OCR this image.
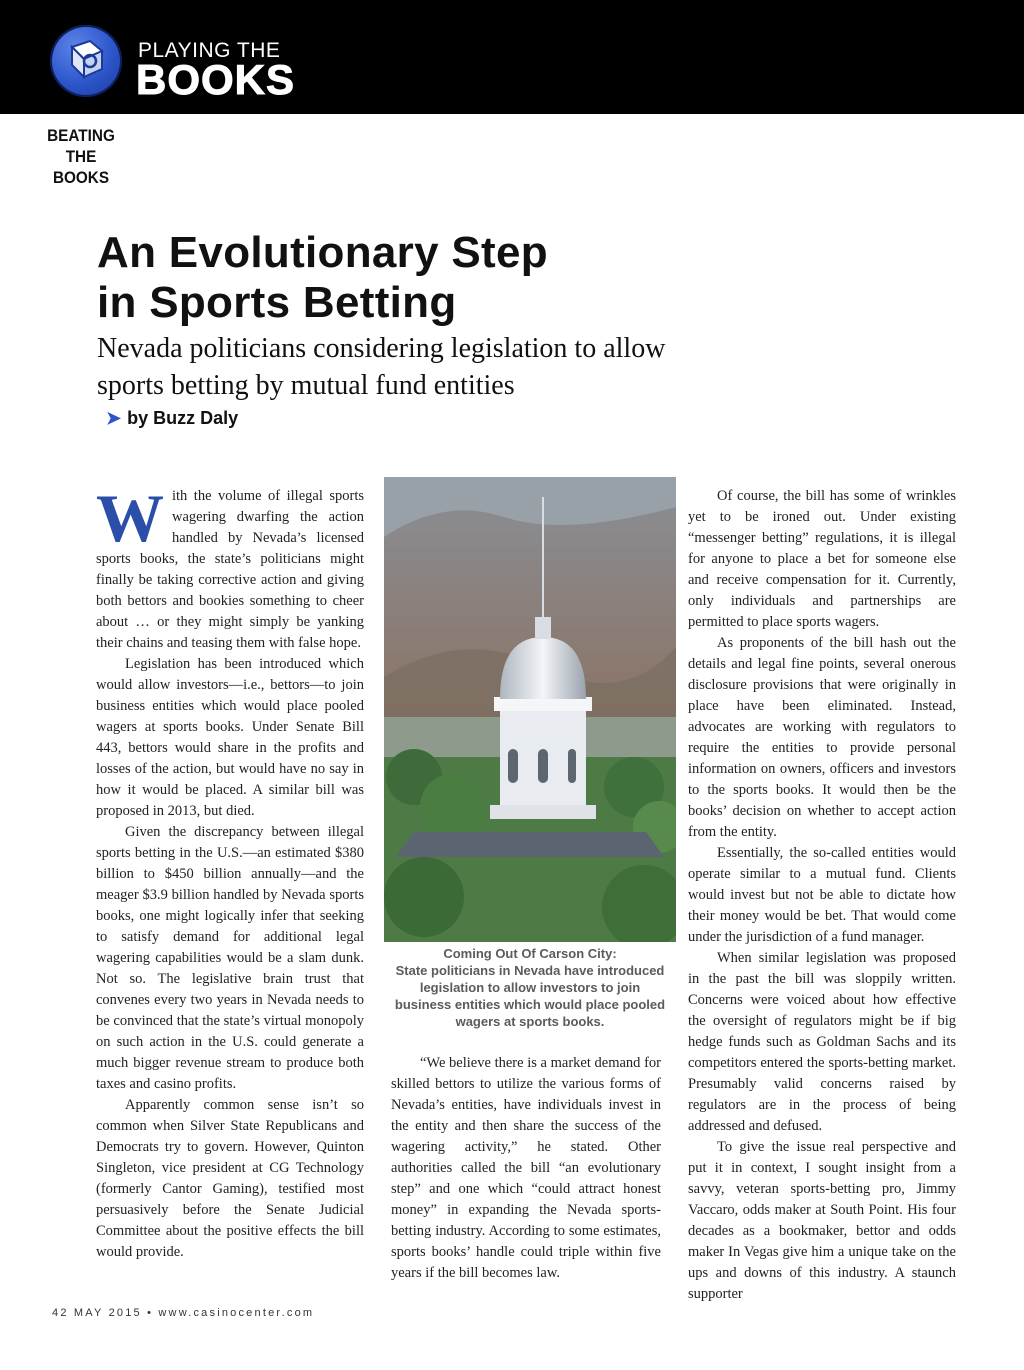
PLAYING THE
BOOKS
BEATING
THE BOOKS
An Evolutionary Step
in Sports Betting
Nevada politicians considering legislation to allow
sports betting by mutual fund entities
➤ by Buzz Daly
W ith the volume of illegal sports wagering dwarfing the action handled by Nevada’s licensed sports books, the state’s politicians might finally be taking corrective action and giving both bettors and bookies something to cheer about … or they might simply be yanking their chains and teasing them with false hope.

Legislation has been introduced which would allow investors—i.e., bettors—to join business entities which would place pooled wagers at sports books. Under Senate Bill 443, bettors would share in the profits and losses of the action, but would have no say in how it would be placed. A similar bill was proposed in 2013, but died.

Given the discrepancy between illegal sports betting in the U.S.—an estimated $380 billion to $450 billion annually—and the meager $3.9 billion handled by Nevada sports books, one might logically infer that seeking to satisfy demand for additional legal wagering capabilities would be a slam dunk. Not so. The legislative brain trust that convenes every two years in Nevada needs to be convinced that the state’s virtual monopoly on such action in the U.S. could generate a much bigger revenue stream to produce both taxes and casino profits.

Apparently common sense isn’t so common when Silver State Republicans and Democrats try to govern. However, Quinton Singleton, vice president at CG Technology (formerly Cantor Gaming), testified most persuasively before the Senate Judicial Committee about the positive effects the bill would provide.

Coming Out Of Carson City:
State politicians in Nevada have introduced
legislation to allow investors to join
business entities which would place pooled
wagers at sports books.

“We believe there is a market demand for skilled bettors to utilize the various forms of Nevada’s entities, have individuals invest in the entity and then share the success of the wagering activity,” he stated. Other authorities called the bill “an evolutionary step” and one which “could attract honest money” in expanding the Nevada sports-betting industry. According to some estimates, sports books’ handle could triple within five years if the bill becomes law.

Of course, the bill has some of wrinkles yet to be ironed out. Under existing “messenger betting” regulations, it is illegal for anyone to place a bet for someone else and receive compensation for it. Currently, only individuals and partnerships are permitted to place sports wagers.

As proponents of the bill hash out the details and legal fine points, several onerous disclosure provisions that were originally in place have been eliminated. Instead, advocates are working with regulators to require the entities to provide personal information on owners, officers and investors to the sports books. It would then be the books’ decision on whether to accept action from the entity.

Essentially, the so-called entities would operate similar to a mutual fund. Clients would invest but not be able to dictate how their money would be bet. That would come under the jurisdiction of a fund manager.

When similar legislation was proposed in the past the bill was sloppily written. Concerns were voiced about how effective the oversight of regulators might be if big hedge funds such as Goldman Sachs and its competitors entered the sports-betting market. Presumably valid concerns raised by regulators are in the process of being addressed and defused.

To give the issue real perspective and put it in context, I sought insight from a savvy, veteran sports-betting pro, Jimmy Vaccaro, odds maker at South Point. His four decades as a bookmaker, bettor and odds maker In Vegas give him a unique take on the ups and downs of this industry. A staunch supporter

42 MAY 2015 • www.casinocenter.com
